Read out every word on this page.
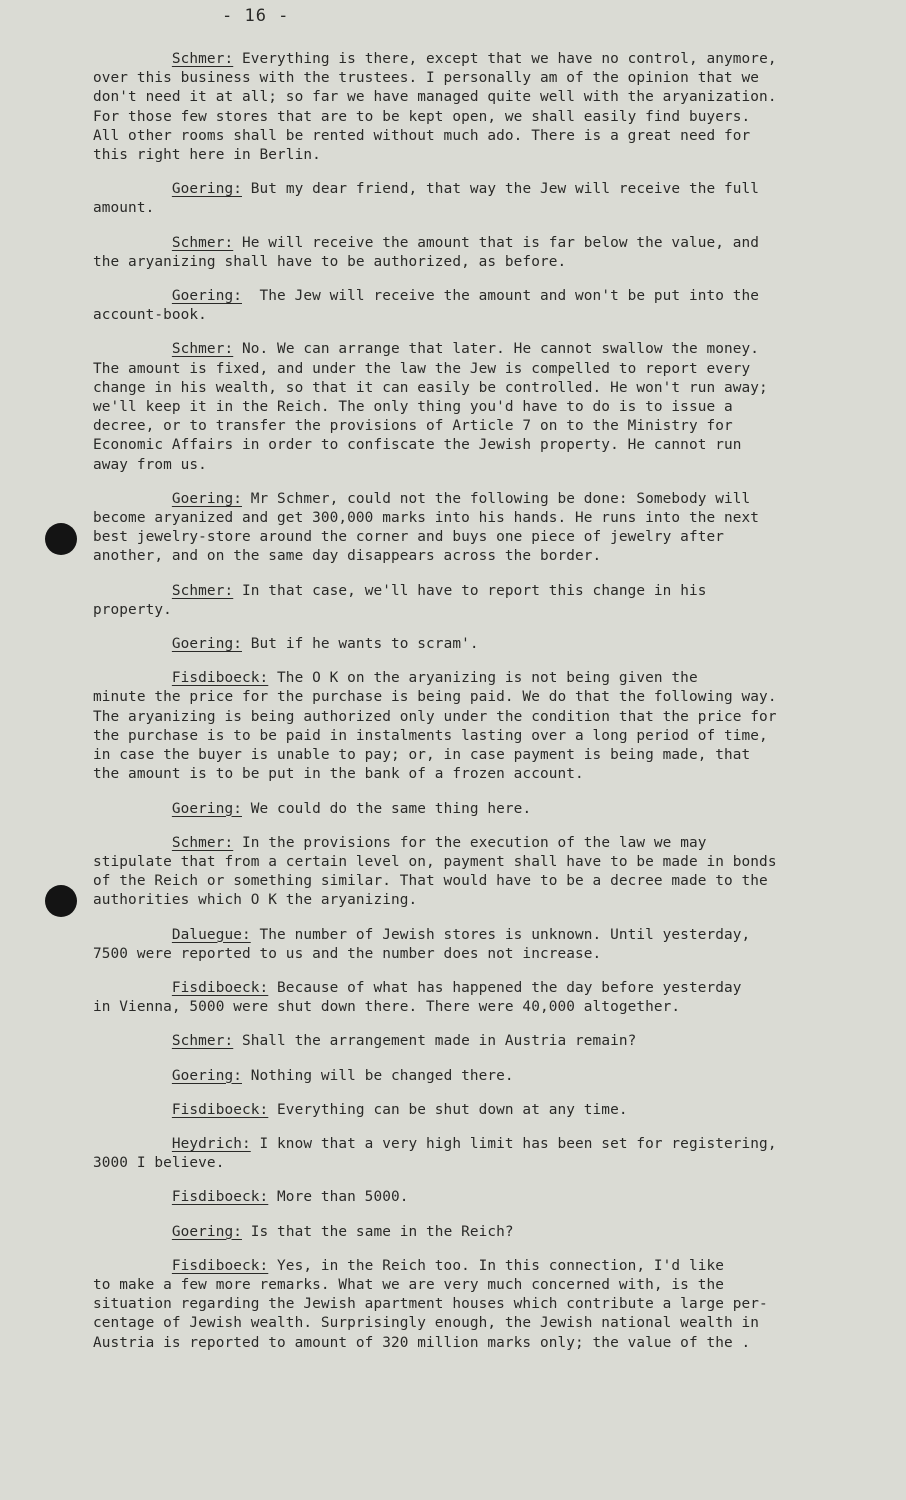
- 16 -

Schmer: Everything is there, except that we have no control, anymore,
over this business with the trustees. I personally am of the opinion that we
don't need it at all; so far we have managed quite well with the aryanization.
For those few stores that are to be kept open, we shall easily find buyers.
All other rooms shall be rented without much ado. There is a great need for
this right here in Berlin.

Goering: But my dear friend, that way the Jew will receive the full
amount.

Schmer: He will receive the amount that is far below the value, and
the aryanizing shall have to be authorized, as before.

Goering:  The Jew will receive the amount and won't be put into the
account-book.

Schmer: No. We can arrange that later. He cannot swallow the money.
The amount is fixed, and under the law the Jew is compelled to report every
change in his wealth, so that it can easily be controlled. He won't run away;
we'll keep it in the Reich. The only thing you'd have to do is to issue a
decree, or to transfer the provisions of Article 7 on to the Ministry for
Economic Affairs in order to confiscate the Jewish property. He cannot run
away from us.

Goering: Mr Schmer, could not the following be done: Somebody will
become aryanized and get 300,000 marks into his hands. He runs into the next
best jewelry-store around the corner and buys one piece of jewelry after
another, and on the same day disappears across the border.

Schmer: In that case, we'll have to report this change in his
property.

Goering: But if he wants to scram'.

Fisdiboeck: The O K on the aryanizing is not being given the
minute the price for the purchase is being paid. We do that the following way.
The aryanizing is being authorized only under the condition that the price for
the purchase is to be paid in instalments lasting over a long period of time,
in case the buyer is unable to pay; or, in case payment is being made, that
the amount is to be put in the bank of a frozen account.

Goering: We could do the same thing here.

Schmer: In the provisions for the execution of the law we may
stipulate that from a certain level on, payment shall have to be made in bonds
of the Reich or something similar. That would have to be a decree made to the
authorities which O K the aryanizing.

Daluegue: The number of Jewish stores is unknown. Until yesterday,
7500 were reported to us and the number does not increase.

Fisdiboeck: Because of what has happened the day before yesterday
in Vienna, 5000 were shut down there. There were 40,000 altogether.

Schmer: Shall the arrangement made in Austria remain?

Goering: Nothing will be changed there.

Fisdiboeck: Everything can be shut down at any time.

Heydrich: I know that a very high limit has been set for registering,
3000 I believe.

Fisdiboeck: More than 5000.

Goering: Is that the same in the Reich?

Fisdiboeck: Yes, in the Reich too. In this connection, I'd like
to make a few more remarks. What we are very much concerned with, is the
situation regarding the Jewish apartment houses which contribute a large per-
centage of Jewish wealth. Surprisingly enough, the Jewish national wealth in
Austria is reported to amount of 320 million marks only; the value of the .
